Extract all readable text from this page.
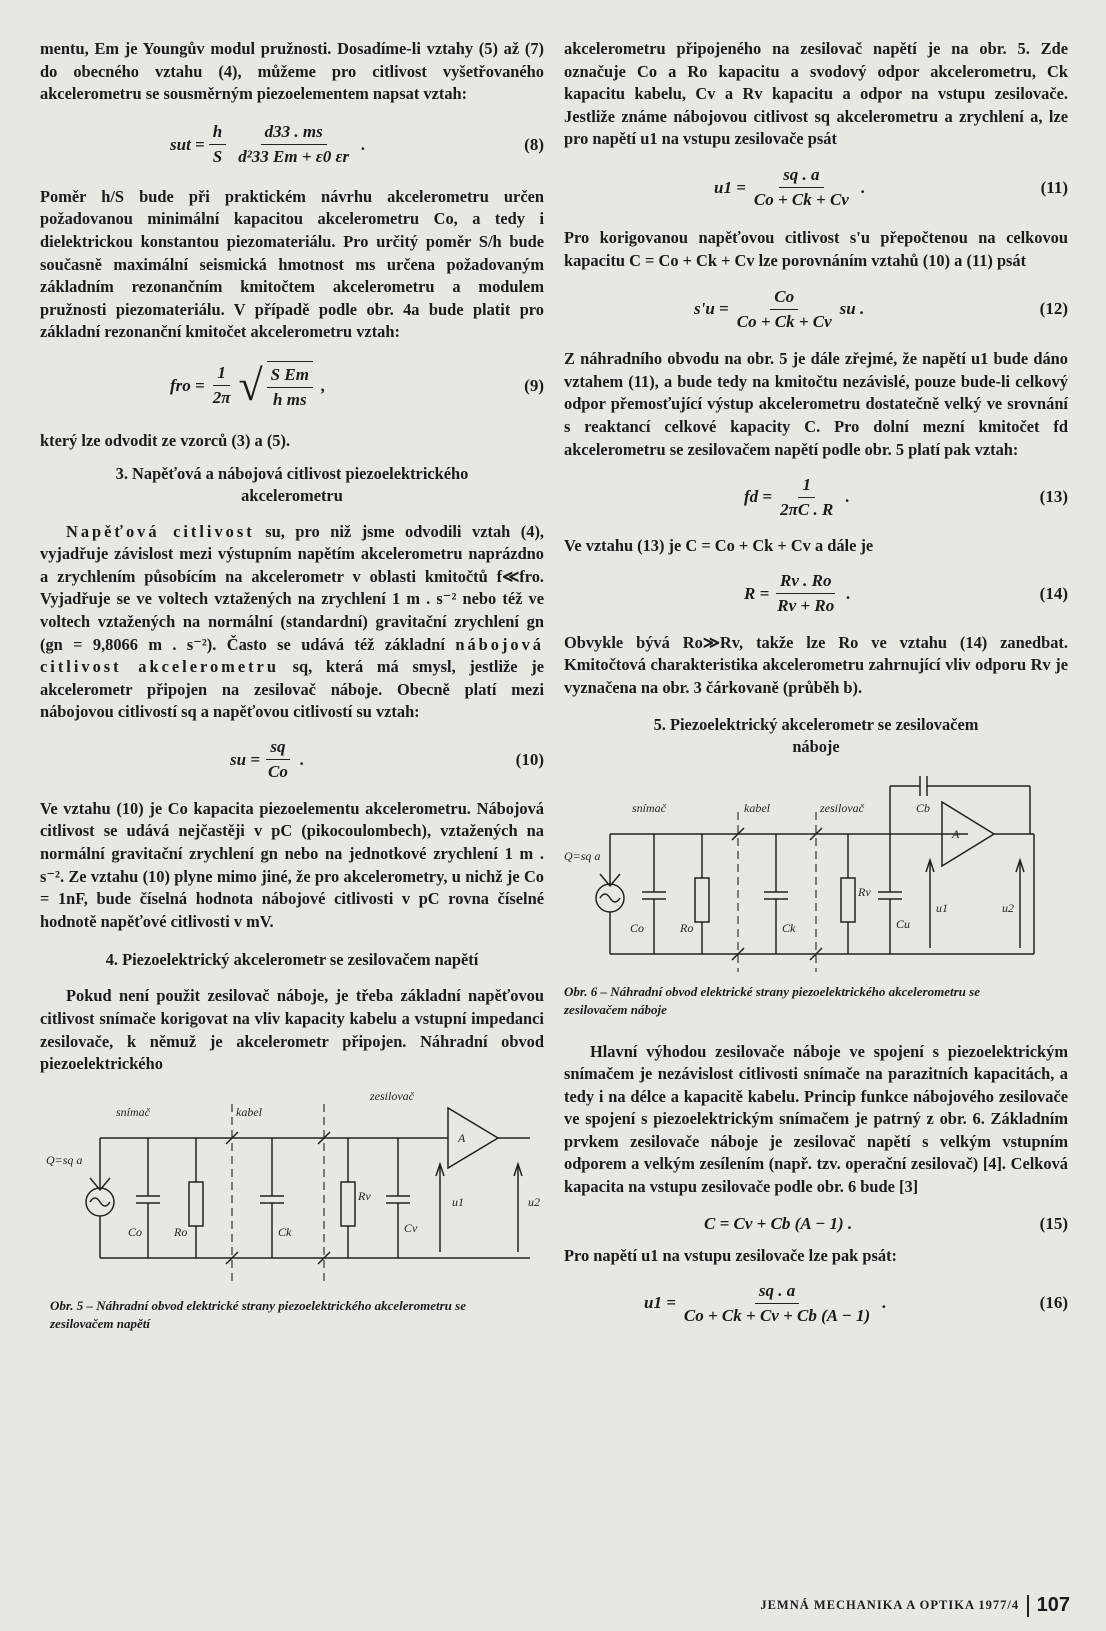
mentu, Em je Youngův modul pružnosti. Dosadíme-li vztahy (5) až (7) do obecného vztahu (4), můžeme pro citlivost vyšetřovaného akcelerometru se sousměrným piezoelementem napsat vztah:

sut = $\frac{h}{S} \frac{d33 . ms}{\text{d²33 Em + ε0 εr}}$ .	(8)

Poměr h/S bude při praktickém návrhu akcelerometru určen požadovanou minimální kapacitou akcelerometru Co, a tedy i dielektrickou konstantou piezomateriálu. Pro určitý poměr S/h bude současně maximální seismická hmotnost ms určena požadovaným základním rezonančním kmitočtem akcelerometru a modulem pružnosti piezomateriálu. V případě podle obr. 4a bude platit pro základní rezonanční kmitočet akcelerometru vztah:

fro = $\frac{1}{2\pi}$ √ $\frac{\text{S Em}}{\text{h ms}}$ ,	(9)

který lze odvodit ze vzorců (3) a (5).

3. Napěťová a nábojová citlivost piezoelektrického akcelerometru

Napěťová citlivost su, pro niž jsme odvodili vztah (4), vyjadřuje závislost mezi výstupním napětím akcelerometru naprázdno a zrychlením působícím na akcelerometr v oblasti kmitočtů f≪fro. Vyjadřuje se ve voltech vztažených na zrychlení 1 m . s⁻² nebo též ve voltech vztažených na normální (standardní) gravitační zrychlení gn (gn = 9,8066 m . s⁻²). Často se udává též základní nábojová citlivost akcelerometru sq, která má smysl, jestliže je akcelerometr připojen na zesilovač náboje. Obecně platí mezi nábojovou citlivostí sq a napěťovou citlivostí su vztah:

su = $\frac{sq}{Co}$ .	(10)

Ve vztahu (10) je Co kapacita piezoelementu akcelerometru. Nábojová citlivost se udává nejčastěji v pC (pikocoulombech), vztažených na normální gravitační zrychlení gn nebo na jednotkové zrychlení 1 m . s⁻². Ze vztahu (10) plyne mimo jiné, že pro akcelerometry, u nichž je Co = 1nF, bude číselná hodnota nábojové citlivosti v pC rovna číselné hodnotě napěťové citlivosti v mV.

4. Piezoelektrický akcelerometr se zesilovačem napětí

Pokud není použit zesilovač náboje, je třeba základní napěťovou citlivost snímače korigovat na vliv kapacity kabelu a vstupní impedanci zesilovače, k němuž je akcelerometr připojen. Náhradní obvod piezoelektrického

snímač	kabel
zesilovač
Q=sq a
Co	Ro	Ck
Rv
Cv
u1	u2
A
Obr. 5 – Náhradní obvod elektrické strany piezoelektrického akcelerometru se zesilovačem napětí

akcelerometru připojeného na zesilovač napětí je na obr. 5. Zde označuje Co a Ro kapacitu a svodový odpor akcelerometru, Ck kapacitu kabelu, Cv a Rv kapacitu a odpor na vstupu zesilovače. Jestliže známe nábojovou citlivost sq akcelerometru a zrychlení a, lze pro napětí u1 na vstupu zesilovače psát

$u1 = \frac{sq . a}{Co + Ck + Cv}$ .	(11)

Pro korigovanou napěťovou citlivost s'u přepočtenou na celkovou kapacitu C = Co + Ck + Cv lze porovnáním vztahů (10) a (11) psát

$s'u = \frac{Co}{Co + Ck + Cv}$ su .	(12)

Z náhradního obvodu na obr. 5 je dále zřejmé, že napětí u1 bude dáno vztahem (11), a bude tedy na kmitočtu nezávislé, pouze bude-li celkový odpor přemosťující výstup akcelerometru dostatečně velký ve srovnání s reaktancí celkové kapacity C. Pro dolní mezní kmitočet fd akcelerometru se zesilovačem napětí podle obr. 5 platí pak vztah:

fd = $\frac{1}{2\pi C . R}$ .	(13)

Ve vztahu (13) je C = Co + Ck + Cv a dále je

$R = \frac{Rv . Ro}{Rv + Ro}$ .	(14)

Obvykle bývá Ro≫Rv, takže lze Ro ve vztahu (14) zanedbat. Kmitočtová charakteristika akcelerometru zahrnující vliv odporu Rv je vyznačena na obr. 3 čárkovaně (průběh b).

5. Piezoelektrický akcelerometr se zesilovačem náboje
snímač	kabel	zesilovač
Q=sq a
Co	Ro	Ck
Rv
Cu
Cb
u1	u2
A
Obr. 6 – Náhradní obvod elektrické strany piezoelektrického akcelerometru se zesilovačem náboje

Hlavní výhodou zesilovače náboje ve spojení s piezoelektrickým snímačem je nezávislost citlivosti snímače na parazitních kapacitách, a tedy i na délce a kapacitě kabelu. Princip funkce nábojového zesilovače ve spojení s piezoelektrickým snímačem je patrný z obr. 6. Základním prvkem zesilovače náboje je zesilovač napětí s velkým vstupním odporem a velkým zesílením (např. tzv. operační zesilovač) [4]. Celková kapacita na vstupu zesilovače podle obr. 6 bude [3]

C = Cv + Cb (A − 1) .	(15)

Pro napětí u1 na vstupu zesilovače lze pak psát:

$u1 = \frac{sq . a}{Co + Ck + Cv + Cb (A - 1)}$ .	(16)
JEMNÁ MECHANIKA A OPTIKA 1977/4 107
